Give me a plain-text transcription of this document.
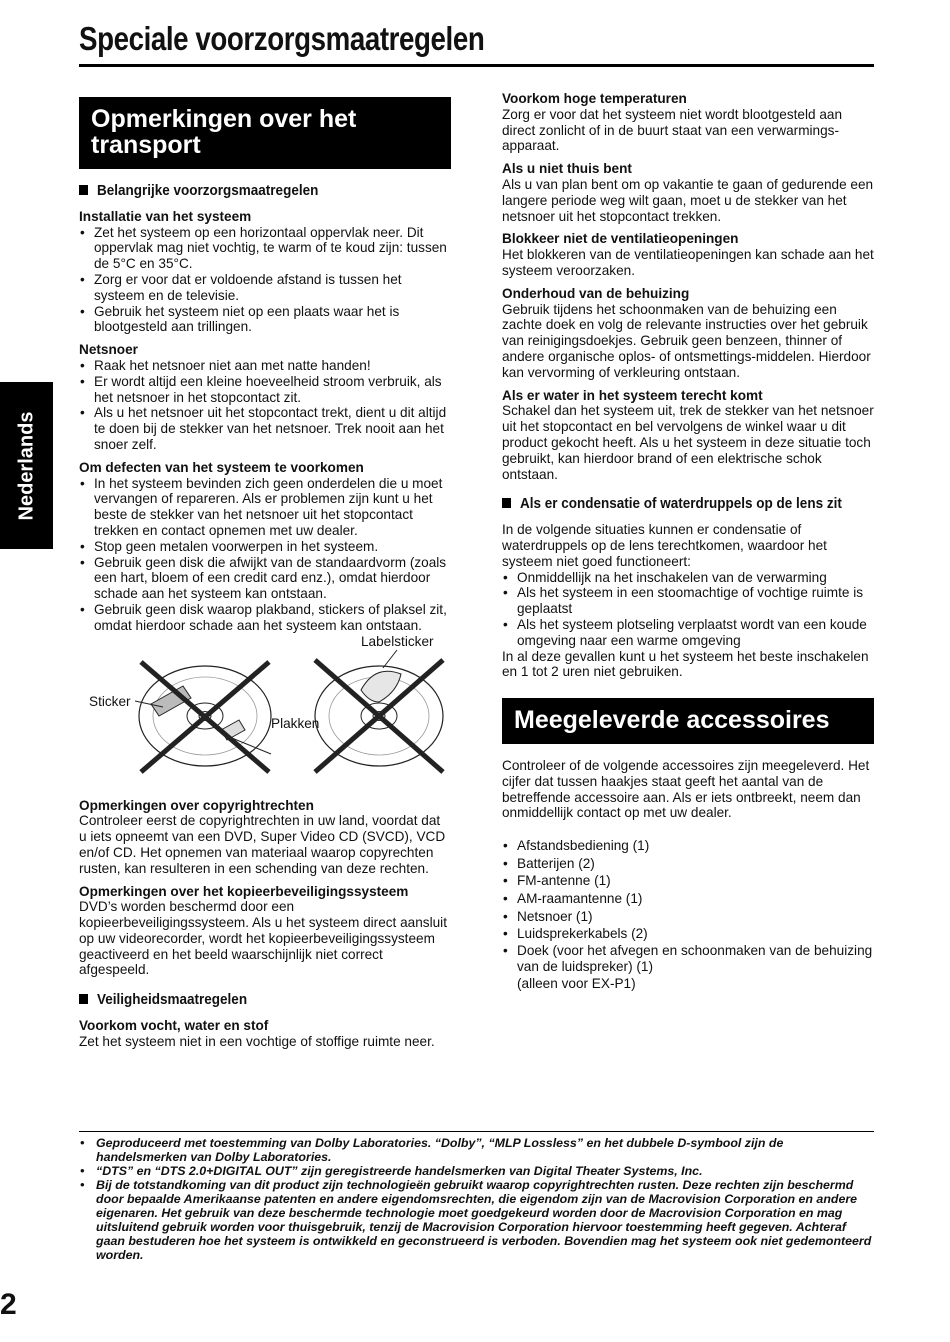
Speciale voorzorgsmaatregelen
Nederlands
Opmerkingen over het transport
Belangrijke voorzorgsmaatregelen
Installatie van het systeem
• Zet het systeem op een horizontaal oppervlak neer. Dit oppervlak mag niet vochtig, te warm of te koud zijn: tussen de 5°C en 35°C.
• Zorg er voor dat er voldoende afstand is tussen het systeem en de televisie.
• Gebruik het systeem niet op een plaats waar het is blootgesteld aan trillingen.
Netsnoer
• Raak het netsnoer niet aan met natte handen!
• Er wordt altijd een kleine hoeveelheid stroom verbruik, als het netsnoer in het stopcontact zit.
• Als u het netsnoer uit het stopcontact trekt, dient u dit altijd te doen bij de stekker van het netsnoer. Trek nooit aan het snoer zelf.
Om defecten van het systeem te voorkomen
• In het systeem bevinden zich geen onderdelen die u moet vervangen of repareren. Als er problemen zijn kunt u het beste de stekker van het netsnoer uit het stopcontact trekken en contact opnemen met uw dealer.
• Stop geen metalen voorwerpen in het systeem.
• Gebruik geen disk die afwijkt van de standaardvorm (zoals een hart, bloem of een credit card enz.), omdat hierdoor schade aan het systeem kan ontstaan.
• Gebruik geen disk waarop plakband, stickers of plaksel zit, omdat hierdoor schade aan het systeem kan ontstaan.
Labelsticker
Sticker
Plakken
Opmerkingen over copyrightrechten

Controleer eerst de copyrightrechten in uw land, voordat dat u iets opneemt van een DVD, Super Video CD (SVCD), VCD en/of CD. Het opnemen van materiaal waarop copyrechten rusten, kan resulteren in een schending van deze rechten.

Opmerkingen over het kopieerbeveiligingssysteem

DVD’s worden beschermd door een kopieerbeveiligingssysteem. Als u het systeem direct aansluit op uw videorecorder, wordt het kopieerbeveiligingssysteem geactiveerd en het beeld waarschijnlijk niet correct afgespeeld.

Veiligheidsmaatregelen
Voorkom vocht, water en stof

Zet het systeem niet in een vochtige of stoffige ruimte neer.

Voorkom hoge temperaturen

Zorg er voor dat het systeem niet wordt blootgesteld aan direct zonlicht of in de buurt staat van een verwarmings-apparaat.

Als u niet thuis bent

Als u van plan bent om op vakantie te gaan of gedurende een langere periode weg wilt gaan, moet u de stekker van het netsnoer uit het stopcontact trekken.

Blokkeer niet de ventilatieopeningen

Het blokkeren van de ventilatieopeningen kan schade aan het systeem veroorzaken.

Onderhoud van de behuizing

Gebruik tijdens het schoonmaken van de behuizing een zachte doek en volg de relevante instructies over het gebruik van reinigingsdoekjes. Gebruik geen benzeen, thinner of andere organische oplos- of ontsmettings-middelen. Hierdoor kan vervorming of verkleuring ontstaan.

Als er water in het systeem terecht komt

Schakel dan het systeem uit, trek de stekker van het netsnoer uit het stopcontact en bel vervolgens de winkel waar u dit product gekocht heeft. Als u het systeem in deze situatie toch gebruikt, kan hierdoor brand of een elektrische schok ontstaan.

Als er condensatie of waterdruppels op de lens zit

In de volgende situaties kunnen er condensatie of waterdruppels op de lens terechtkomen, waardoor het systeem niet goed functioneert:

• Onmiddellijk na het inschakelen van de verwarming
• Als het systeem in een stoomachtige of vochtige ruimte is geplaatst
• Als het systeem plotseling verplaatst wordt van een koude omgeving naar een warme omgeving

In al deze gevallen kunt u het systeem het beste inschakelen en 1 tot 2 uren niet gebruiken.

Meegeleverde accessoires

Controleer of de volgende accessoires zijn meegeleverd. Het cijfer dat tussen haakjes staat geeft het aantal van de betreffende accessoire aan. Als er iets ontbreekt, neem dan onmiddellijk contact op met uw dealer.

• Afstandsbediening (1)
• Batterijen (2)
• FM-antenne (1)
• AM-raamantenne (1)
• Netsnoer (1)
• Luidsprekerkabels (2)
• Doek (voor het afvegen en schoonmaken van de behuizing van de luidspreker) (1)

(alleen voor EX-P1)

• Geproduceerd met toestemming van Dolby Laboratories. “Dolby”, “MLP Lossless” en het dubbele D-symbool zijn de handelsmerken van Dolby Laboratories.
• “DTS” en “DTS 2.0+DIGITAL OUT” zijn geregistreerde handelsmerken van Digital Theater Systems, Inc.
• Bij de totstandkoming van dit product zijn technologieën gebruikt waarop copyrightrechten rusten. Deze rechten zijn beschermd door bepaalde Amerikaanse patenten en andere eigendomsrechten, die eigendom zijn van de Macrovision Corporation en andere eigenaren. Het gebruik van deze beschermde technologie moet goedgekeurd worden door de Macrovision Corporation en mag uitsluitend gebruik worden voor thuisgebruik, tenzij de Macrovision Corporation hiervoor toestemming heeft gegeven. Achteraf gaan bestuderen hoe het systeem is ontwikkeld en geconstrueerd is verboden. Bovendien mag het systeem ook niet gedemonteerd worden.
2
